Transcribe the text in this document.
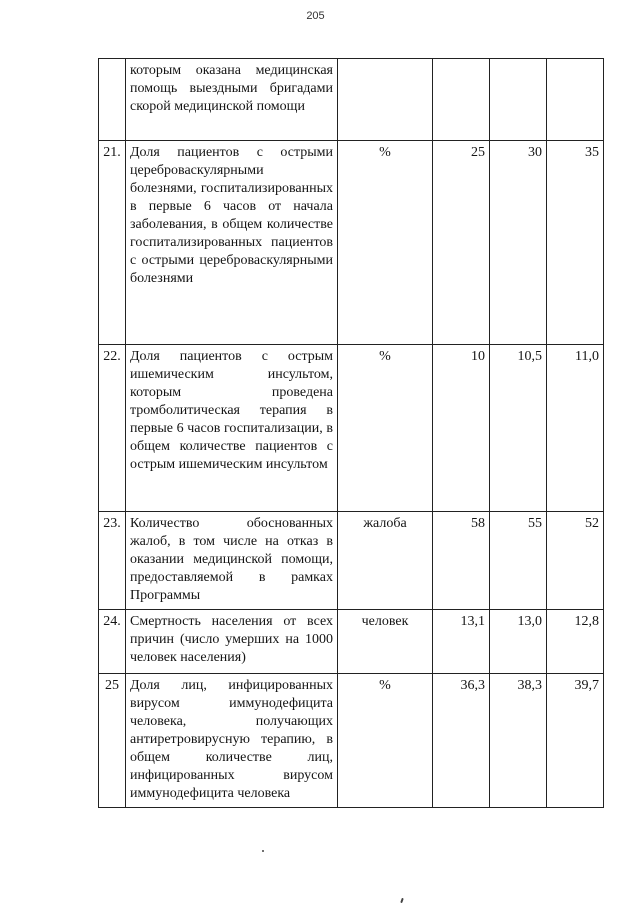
205
	которым оказана медицинская помощь выездными бригадами скорой медицинской помощи				
21.	Доля пациентов с острыми цереброваскулярными болезнями, госпитализированных в первые 6 часов от начала заболевания, в общем количестве госпитализированных пациентов с острыми цереброваскулярными болезнями	%	25	30	35
22.	Доля пациентов с острым ишемическим инсультом, которым проведена тромболитическая терапия в первые 6 часов госпитализации, в общем количестве пациентов с острым ишемическим инсультом	%	10	10,5	11,0
23.	Количество обоснованных жалоб, в том числе на отказ в оказании медицинской помощи, предоставляемой в рамках Программы	жалоба	58	55	52
24.	Смертность населения от всех причин (число умерших на 1000 человек населения)	человек	13,1	13,0	12,8
25	Доля лиц, инфицированных вирусом иммунодефицита человека, получающих антиретровирусную терапию, в общем количестве лиц, инфицированных вирусом иммунодефицита человека	%	36,3	38,3	39,7
